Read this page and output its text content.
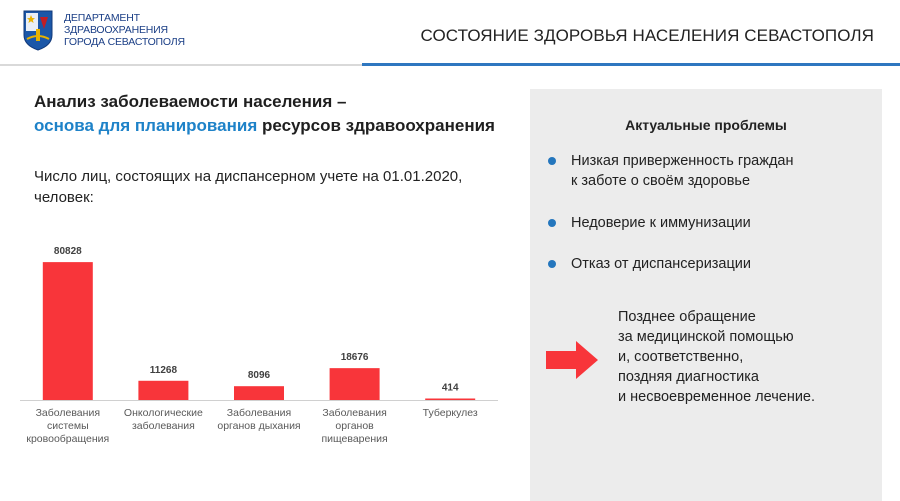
ДЕПАРТАМЕНТ
ЗДРАВООХРАНЕНИЯ
ГОРОДА СЕВАСТОПОЛЯ	СОСТОЯНИЕ ЗДОРОВЬЯ НАСЕЛЕНИЯ СЕВАСТОПОЛЯ
Анализ заболеваемости населения –
основа для планирования ресурсов здравоохранения
Число лиц, состоящих на диспансерном учете на 01.01.2020, человек:
80828
11268	8096
18676
414
Заболевания
системы
кровообращения
Онкологические
заболевания
Заболевания
органов дыхания
Заболевания
органов
пищеварения
Туберкулез
Актуальные проблемы
Низкая приверженность граждан
к заботе о своём здоровье
Недоверие к иммунизации
Отказ от диспансеризации
Позднее обращение
за медицинской помощью
и, соответственно,
поздняя диагностика
и несвоевременное лечение.
